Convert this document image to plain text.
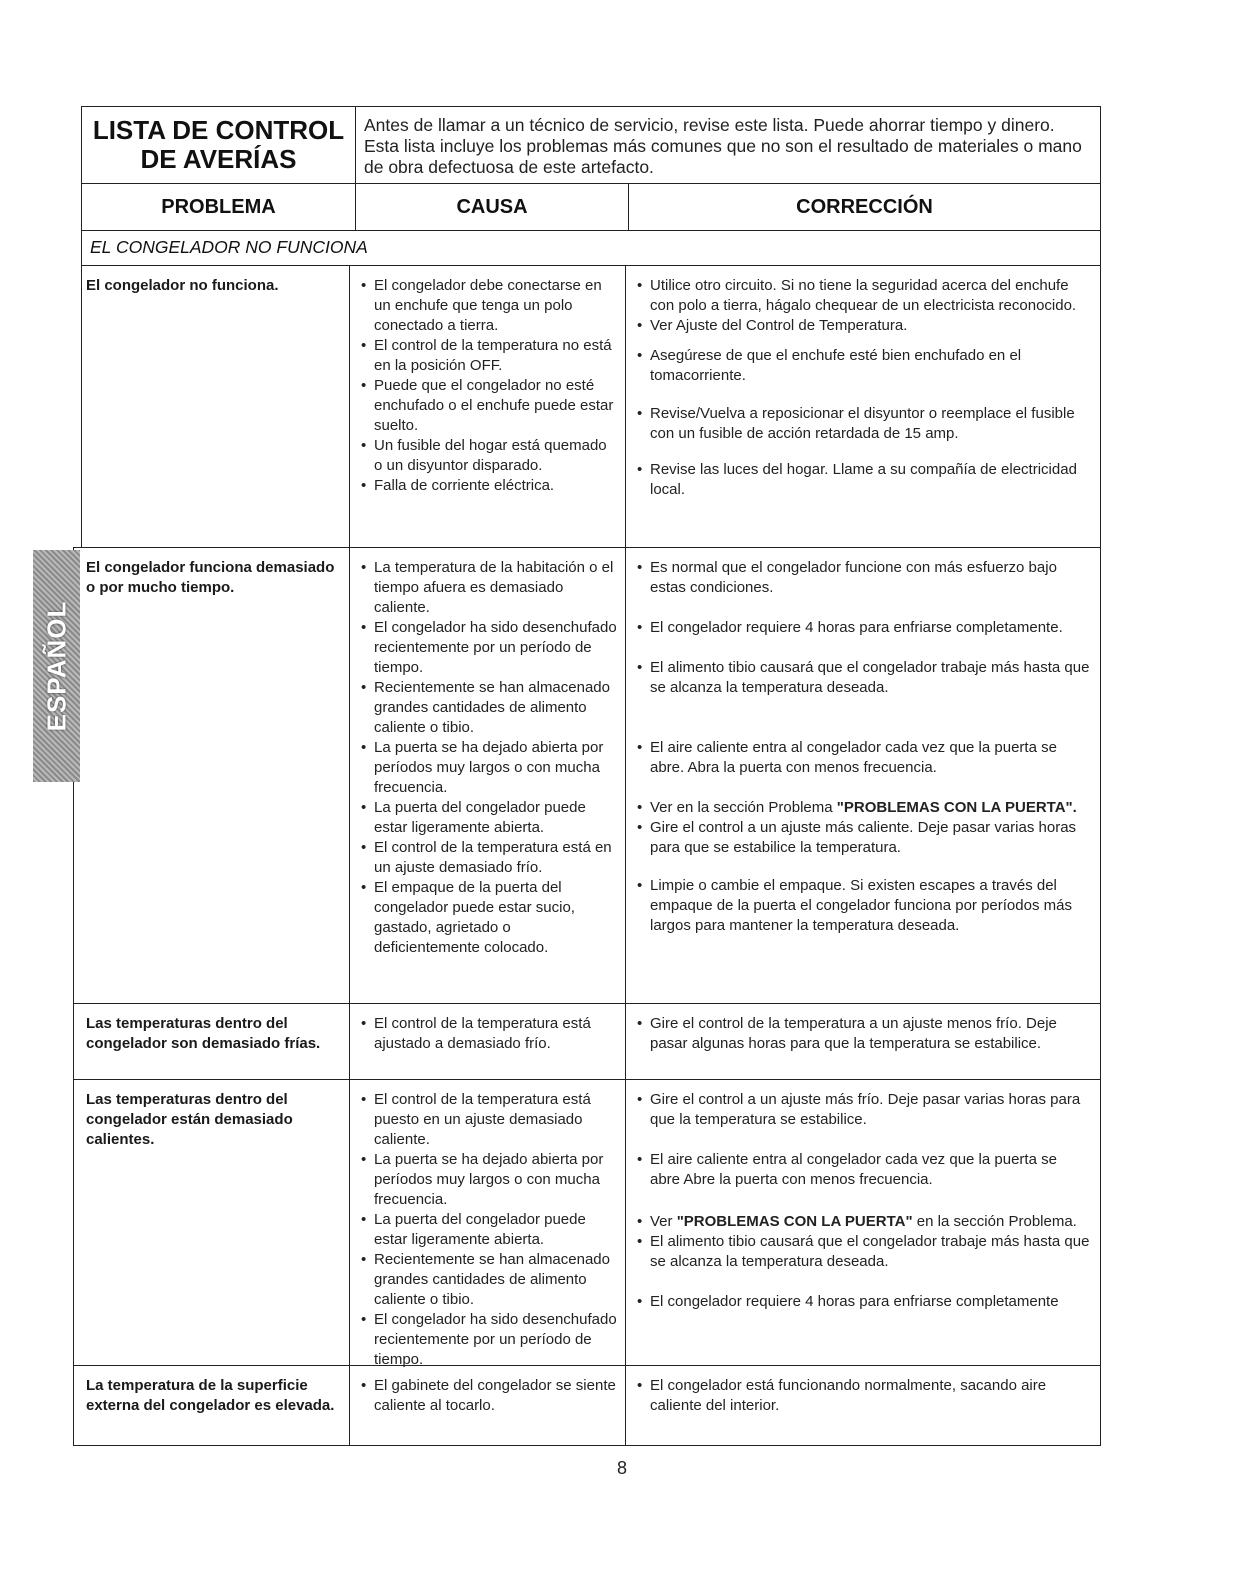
LISTA DE CONTROL
DE AVERÍAS
Antes de llamar a un técnico de servicio, revise este lista. Puede ahorrar tiempo y dinero. Esta lista incluye los problemas más comunes que no son el resultado de materiales o mano de obra defectuosa de este artefacto.
PROBLEMA	CAUSA	CORRECCIÓN
EL CONGELADOR NO FUNCIONA
El congelador no funciona.
•	El congelador debe conectarse en un enchufe que tenga un polo conectado a tierra.
• El control de la temperatura no está en la posición OFF.
• Puede que el congelador no esté enchufado o el enchufe puede estar suelto.
• Un fusible del hogar está quemado o un disyuntor disparado.
• Falla de corriente eléctrica.
• Utilice otro circuito. Si no tiene la seguridad acerca del enchufe con polo a tierra, hágalo chequear de un electricista reconocido.
• Ver Ajuste del Control de Temperatura.
• Asegúrese de que el enchufe esté bien enchufado en el tomacorriente.
• Revise/Vuelva a reposicionar el disyuntor o reemplace el fusible con un fusible de acción retardada de 15 amp.
• Revise las luces del hogar. Llame a su compañía de electricidad local.
El congelador funciona demasiado o por mucho tiempo.
• La temperatura de la habitación o el tiempo afuera es demasiado caliente.
• El congelador ha sido desenchufado recientemente por un período de tiempo.
• Recientemente se han almacenado grandes cantidades de alimento caliente o tibio.
• La puerta se ha dejado abierta por períodos muy largos o con mucha frecuencia.
• La puerta del congelador puede estar ligeramente abierta.
• El control de la temperatura está en un ajuste demasiado frío.
• El empaque de la puerta del congelador puede estar sucio, gastado, agrietado o deficientemente colocado.
• Es normal que el congelador funcione con más esfuerzo bajo estas condiciones.
• El congelador requiere 4 horas para enfriarse completamente.
• El alimento tibio causará que el congelador trabaje más hasta que se alcanza la temperatura deseada.
• El aire caliente entra al congelador cada vez que la puerta se abre. Abra la puerta con menos frecuencia.
• Ver en la sección Problema "PROBLEMAS CON LA PUERTA".
• Gire el control a un ajuste más caliente. Deje pasar varias horas para que se estabilice la temperatura.
• Limpie o cambie el empaque. Si existen escapes a través del empaque de la puerta el congelador funciona por períodos más largos para mantener la temperatura deseada.
Las temperaturas dentro del congelador son demasiado frías.
• El control de la temperatura está ajustado a demasiado frío.
• Gire el control de la temperatura a un ajuste menos frío. Deje pasar algunas horas para que la temperatura se estabilice.
Las temperaturas dentro del congelador están demasiado calientes.
• El control de la temperatura está puesto en un ajuste demasiado caliente.
• La puerta se ha dejado abierta por períodos muy largos o con mucha frecuencia.
• La puerta del congelador puede estar ligeramente abierta.
• Recientemente se han almacenado grandes cantidades de alimento caliente o tibio.
• El congelador ha sido desenchufado recientemente por un período de tiempo.
• Gire el control a un ajuste más frío. Deje pasar varias horas para que la temperatura se estabilice.
• El aire caliente entra al congelador cada vez que la puerta se abre Abre la puerta con menos frecuencia.
• Ver "PROBLEMAS CON LA PUERTA" en la sección Problema.
• El alimento tibio causará que el congelador trabaje más hasta que se alcanza la temperatura deseada.
• El congelador requiere 4 horas para enfriarse completamente
La temperatura de la superficie externa del congelador es elevada.
• El gabinete del congelador se siente caliente al tocarlo.
• El congelador está funcionando normalmente, sacando aire caliente del interior.
ESPAÑOL
8
